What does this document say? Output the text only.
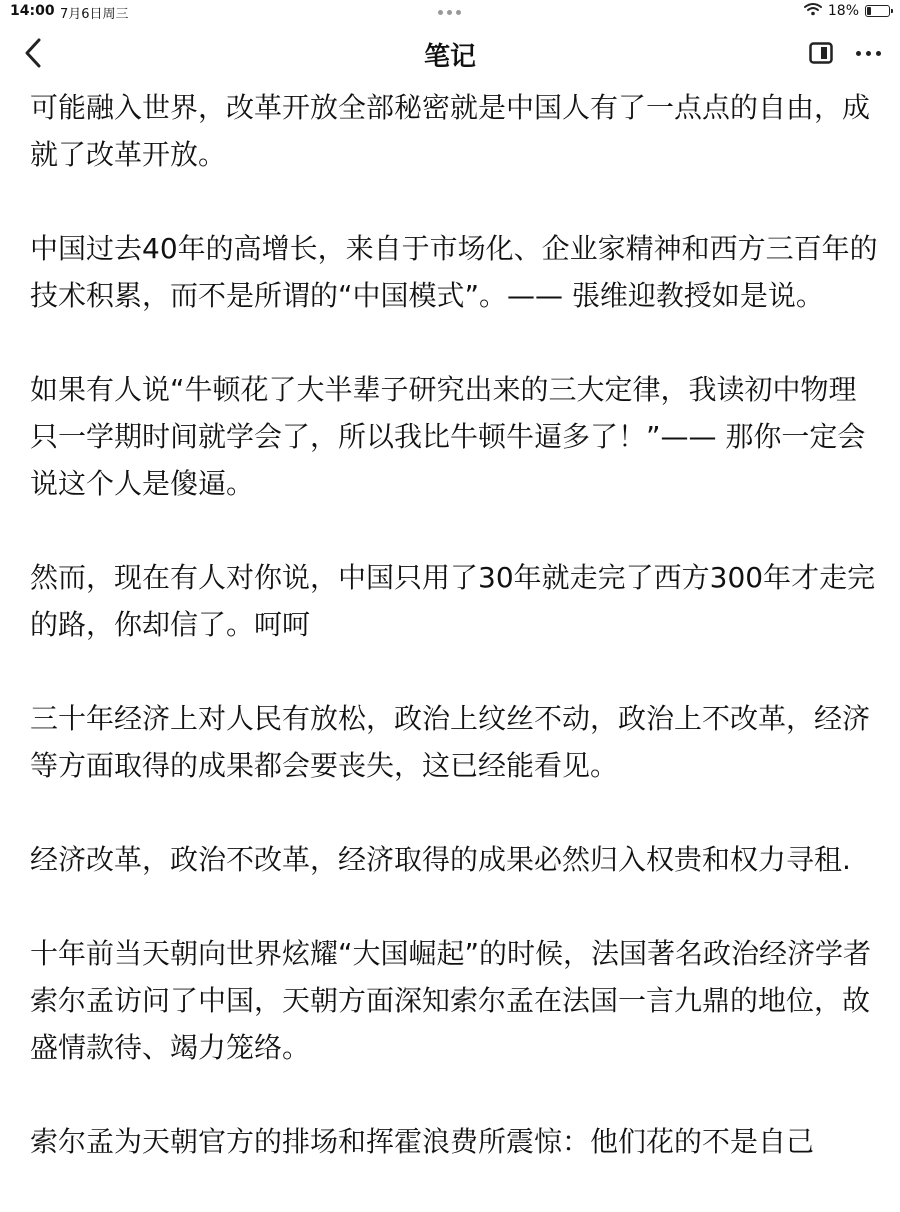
14:00 7月6日周三	18%
笔记

可能融入世界，改革开放全部秘密就是中国人有了一点点的自由，成就了改革开放。

中国过去40年的高增长，来自于市场化、企业家精神和西方三百年的技术积累，而不是所谓的“中国模式”。—— 張维迎教授如是说。

如果有人说“牛顿花了大半辈子研究出来的三大定律，我读初中物理只一学期时间就学会了，所以我比牛顿牛逼多了！”—— 那你一定会说这个人是傻逼。

然而，现在有人对你说，中国只用了30年就走完了西方300年才走完的路，你却信了。呵呵

三十年经济上对人民有放松，政治上纹丝不动，政治上不改革，经济等方面取得的成果都会要丧失，这已经能看见。

经济改革，政治不改革，经济取得的成果必然归入权贵和权力寻租.

十年前当天朝向世界炫耀“大国崛起”的时候，法国著名政治经济学者索尔孟访问了中国，天朝方面深知索尔孟在法国一言九鼎的地位，故盛情款待、竭力笼络。

索尔孟为天朝官方的排场和挥霍浪费所震惊：他们花的不是自己
